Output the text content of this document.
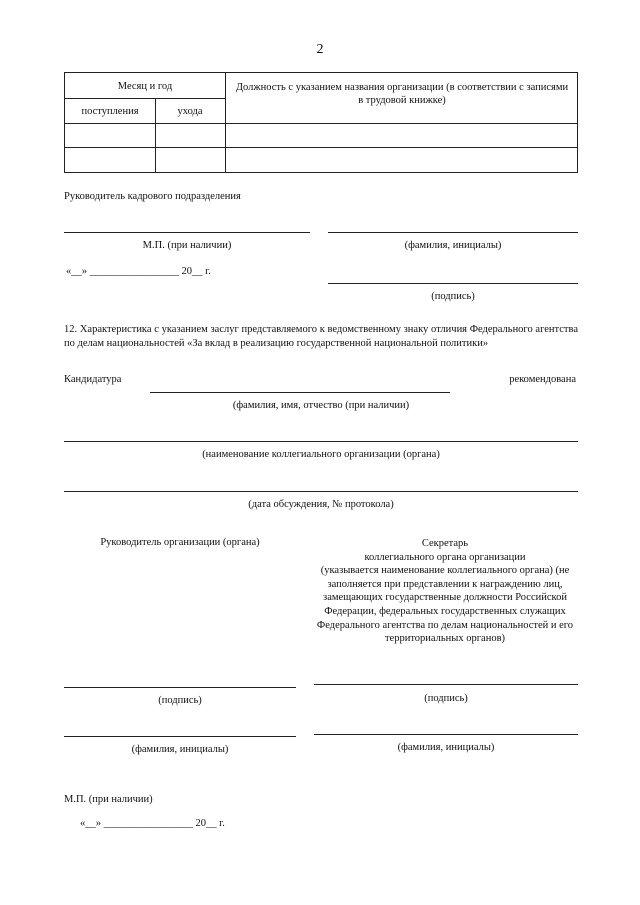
2
Месяц и год
поступления	ухода
Должность с указанием названия организации (в соответствии с записями в трудовой книжке)
Руководитель кадрового подразделения
М.П. (при наличии)	(фамилия, инициалы)
«__» _________________ 20__ г.
(подпись)
12. Характеристика с указанием заслуг представляемого к ведомственному знаку отличия Федерального агентства по делам национальностей «За вклад в реализацию государственной национальной политики»
Кандидатура	рекомендована
(фамилия, имя, отчество (при наличии)
(наименование коллегиального организации (органа)
(дата обсуждения, № протокола)
Руководитель организации (органа)	Секретарь
коллегиального органа организации
(указывается наименование коллегиального органа) (не заполняется при представлении к награждению лиц, замещающих государственные должности Российской Федерации, федеральных государственных служащих Федерального агентства по делам национальностей и его территориальных органов)
(подпись)	(подпись)
(фамилия, инициалы)	(фамилия, инициалы)
М.П. (при наличии)
«__» _________________ 20__ г.
